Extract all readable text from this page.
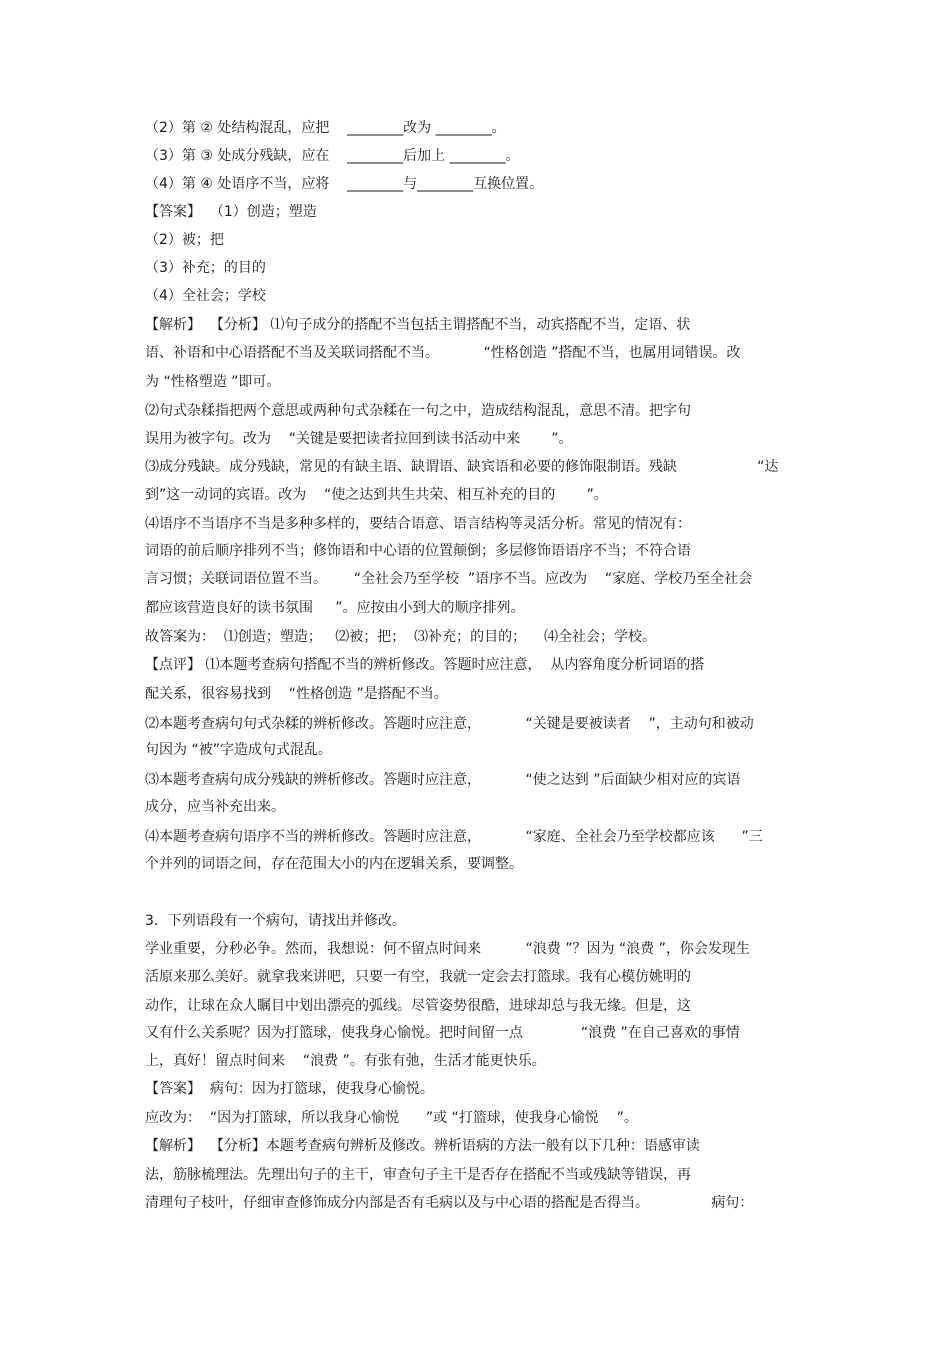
（2）第 ② 处结构混乱，应把    ________改为 ________。
（3）第 ③ 处成分残缺，应在    ________后加上 ________。
（4）第 ④ 处语序不当，应将    ________与________互换位置。
【答案】  （1）创造；塑造
（2）被；把
（3）补充；的目的
（4）全社会；学校
【解析】  【分析】 ⑴句子成分的搭配不当包括主谓搭配不当，动宾搭配不当，定语、状
语、补语和中心语搭配不当及关联词搭配不当。          “性格创造 ”搭配不当，也属用词错误。改
为 “性格塑造 ”即可。
⑵句式杂糅指把两个意思或两种句式杂糅在一句之中，造成结构混乱，意思不清。把字句
误用为被字句。改为    “关键是要把读者拉回到读书活动中来       ”。
⑶成分残缺。成分残缺，常见的有缺主语、缺谓语、缺宾语和必要的修饰限制语。残缺                  “达
到”这一动词的宾语。改为    “使之达到共生共荣、相互补充的目的       ”。
⑷语序不当语序不当是多种多样的，要结合语意、语言结构等灵活分析。常见的情况有：
词语的前后顺序排列不当；修饰语和中心语的位置颠倒；多层修饰语语序不当；不符合语
言习惯；关联词语位置不当。      “全社会乃至学校  ”语序不当。应改为    “家庭、学校乃至全社会
都应该营造良好的读书氛围     ”。应按由小到大的顺序排列。
故答案为：  ⑴创造；塑造；   ⑵被；把；  ⑶补充；的目的；    ⑷全社会；学校。
【点评】 ⑴本题考查病句搭配不当的辨析修改。答题时应注意，  从内容角度分析词语的搭
配关系，很容易找到    “性格创造 ”是搭配不当。
⑵本题考查病句句式杂糅的辨析修改。答题时应注意，          “关键是要被读者    ”，主动句和被动
句因为 “被”字造成句式混乱。
⑶本题考查病句成分残缺的辨析修改。答题时应注意，          “使之达到 ”后面缺少相对应的宾语
成分，应当补充出来。
⑷本题考查病句语序不当的辨析修改。答题时应注意，          “家庭、全社会乃至学校都应该      ”三
个并列的词语之间，存在范围大小的内在逻辑关系，要调整。
3．下列语段有一个病句，请找出并修改。
学业重要，分秒必争。然而，我想说：何不留点时间来          “浪费 ”？因为 “浪费 ”，你会发现生
活原来那么美好。就拿我来讲吧，只要一有空，我就一定会去打篮球。我有心模仿姚明的
动作，让球在众人瞩目中划出漂亮的弧线。尽管姿势很酷，进球却总与我无缘。但是，这
又有什么关系呢？因为打篮球，使我身心愉悦。把时间留一点             “浪费 ”在自己喜欢的事情
上，真好！留点时间来    “浪费 ”。有张有弛，生活才能更快乐。
【答案】  病句：因为打篮球，使我身心愉悦。
应改为：  “因为打篮球，所以我身心愉悦      ”或 “打篮球，使我身心愉悦    ”。
【解析】  【分析】本题考查病句辨析及修改。辨析语病的方法一般有以下几种：语感审读
法，筋脉梳理法。先理出句子的主干，审查句子主干是否存在搭配不当或残缺等错误，再
清理句子枝叶，仔细审查修饰成分内部是否有毛病以及与中心语的搭配是否得当。              病句：
